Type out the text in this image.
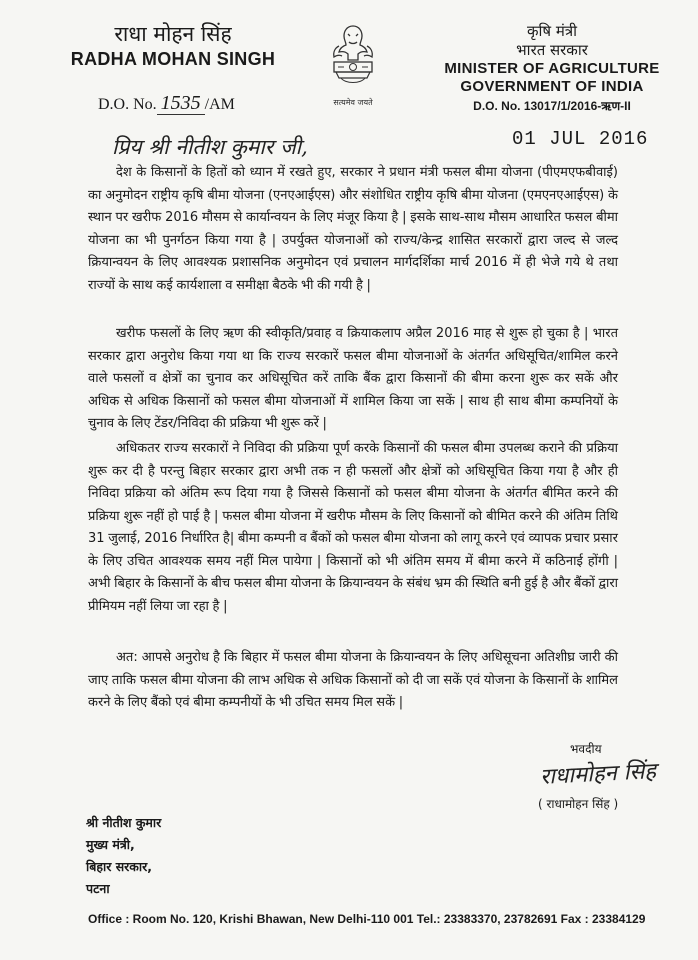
राधा मोहन सिंह
RADHA MOHAN SINGH
D.O. No. 1535 /AM	सत्यमेव जयते
कृषि मंत्री
भारत सरकार
MINISTER OF AGRICULTURE
GOVERNMENT OF INDIA
D.O. No. 13017/1/2016-ऋण-II
01 JUL 2016
प्रिय श्री नीतीश कुमार जी,
देश के किसानों के हितों को ध्यान में रखते हुए, सरकार ने प्रधान मंत्री फसल बीमा योजना (पीएमएफबीवाई) का अनुमोदन राष्ट्रीय कृषि बीमा योजना (एनएआईएस) और संशोधित राष्ट्रीय कृषि बीमा योजना (एमएनएआईएस) के स्थान पर खरीफ 2016 मौसम से कार्यान्वयन के लिए मंजूर किया है | इसके साथ-साथ मौसम आधारित फसल बीमा योजना का भी पुनर्गठन किया गया है | उपर्युक्त योजनाओं को राज्य/केन्द्र शासित सरकारों द्वारा जल्द से जल्द क्रियान्वयन के लिए आवश्यक प्रशासनिक अनुमोदन एवं प्रचालन मार्गदर्शिका मार्च 2016 में ही भेजे गये थे तथा राज्यों के साथ कई कार्यशाला व समीक्षा बैठके भी की गयी है |
खरीफ फसलों के लिए ऋण की स्वीकृति/प्रवाह व क्रियाकलाप अप्रैल 2016 माह से शुरू हो चुका है | भारत सरकार द्वारा अनुरोध किया गया था कि राज्य सरकारें फसल बीमा योजनाओं के अंतर्गत अधिसूचित/शामिल करने वाले फसलों व क्षेत्रों का चुनाव कर अधिसूचित करें ताकि बैंक द्वारा किसानों की बीमा करना शुरू कर सकें और अधिक से अधिक किसानों को फसल बीमा योजनाओं में शामिल किया जा सकें | साथ ही साथ बीमा कम्पनियों के चुनाव के लिए टेंडर/निविदा की प्रक्रिया भी शुरू करें |
अधिकतर राज्य सरकारों ने निविदा की प्रक्रिया पूर्ण करके किसानों की फसल बीमा उपलब्ध कराने की प्रक्रिया शुरू कर दी है परन्तु बिहार सरकार द्वारा अभी तक न ही फसलों और क्षेत्रों को अधिसूचित किया गया है और ही निविदा प्रक्रिया को अंतिम रूप दिया गया है जिससे किसानों को फसल बीमा योजना के अंतर्गत बीमित करने की प्रक्रिया शुरू नहीं हो पाई है | फसल बीमा योजना में खरीफ मौसम के लिए किसानों को बीमित करने की अंतिम तिथि 31 जुलाई, 2016 निर्धारित है| बीमा कम्पनी व बैंकों को फसल बीमा योजना को लागू करने एवं व्यापक प्रचार प्रसार के लिए उचित आवश्यक समय नहीं मिल पायेगा | किसानों को भी अंतिम समय में बीमा करने में कठिनाई होंगी | अभी बिहार के किसानों के बीच फसल बीमा योजना के क्रियान्वयन के संबंध भ्रम की स्थिति बनी हुई है और बैंकों द्वारा प्रीमियम नहीं लिया जा रहा है |
अत: आपसे अनुरोध है कि बिहार में फसल बीमा योजना के क्रियान्वयन के लिए अधिसूचना अतिशीघ्र जारी की जाए ताकि फसल बीमा योजना की लाभ अधिक से अधिक किसानों को दी जा सकें एवं योजना के किसानों के शामिल करने के लिए बैंको एवं बीमा कम्पनीयों के भी उचित समय मिल सकें |
भवदीय
राधामोहन सिंह
( राधामोहन सिंह )
श्री नीतीश कुमार
मुख्य मंत्री,
बिहार सरकार,
पटना
Office : Room No. 120, Krishi Bhawan, New Delhi-110 001 Tel.: 23383370, 23782691 Fax : 23384129
